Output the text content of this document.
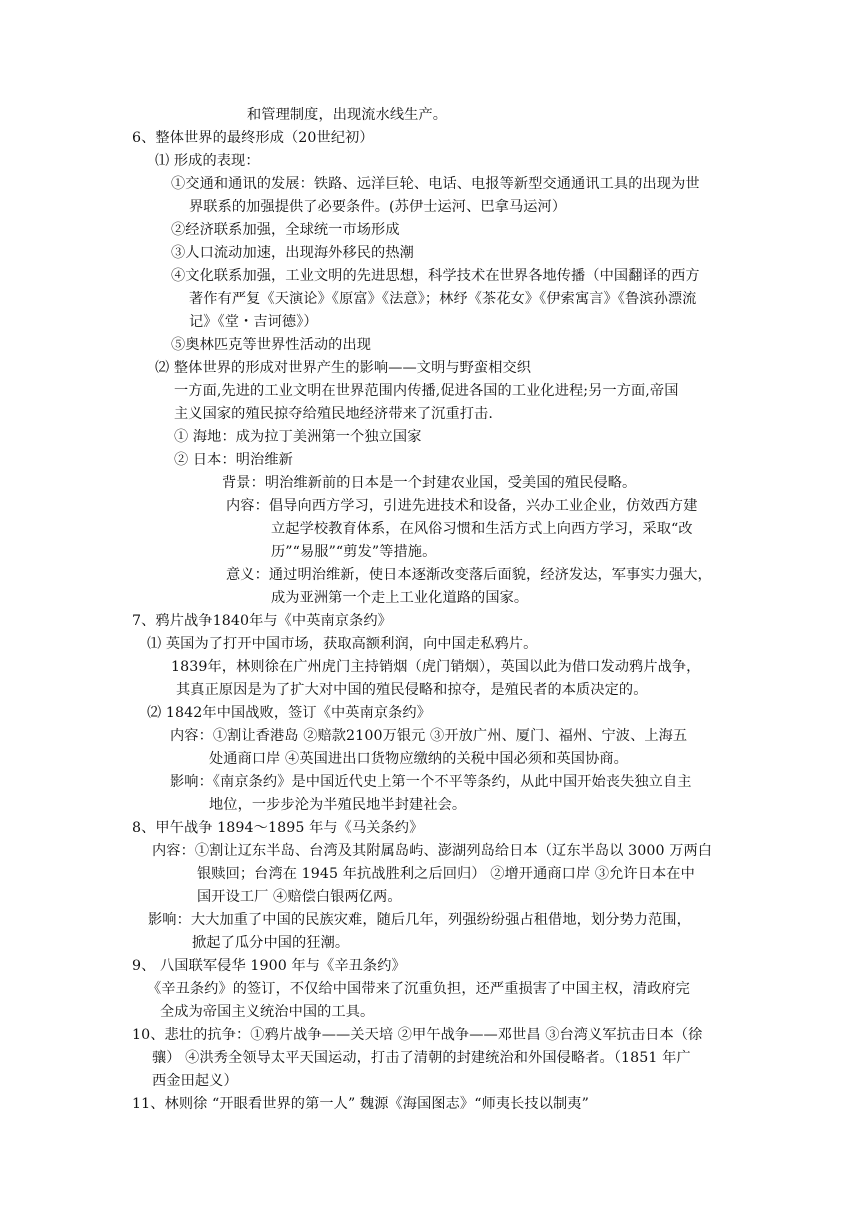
和管理制度，出现流水线生产。
6、整体世界的最终形成（20世纪初）
⑴ 形成的表现：
①交通和通讯的发展：铁路、远洋巨轮、电话、电报等新型交通通讯工具的出现为世
界联系的加强提供了必要条件。(苏伊士运河、巴拿马运河）
②经济联系加强，全球统一市场形成
③人口流动加速，出现海外移民的热潮
④文化联系加强，工业文明的先进思想，科学技术在世界各地传播（中国翻译的西方
著作有严复《天演论》《原富》《法意》；林纾《茶花女》《伊索寓言》《鲁滨孙漂流
记》《堂・吉诃德》）
⑤奥林匹克等世界性活动的出现
⑵ 整体世界的形成对世界产生的影响——文明与野蛮相交织
一方面,先进的工业文明在世界范围内传播,促进各国的工业化进程;另一方面,帝国
主义国家的殖民掠夺给殖民地经济带来了沉重打击.
① 海地：成为拉丁美洲第一个独立国家
② 日本：明治维新
背景：明治维新前的日本是一个封建农业国，受美国的殖民侵略。
内容：倡导向西方学习，引进先进技术和设备，兴办工业企业，仿效西方建
立起学校教育体系，在风俗习惯和生活方式上向西方学习，采取“改
历”“易服”“剪发”等措施。
意义：通过明治维新，使日本逐渐改变落后面貌，经济发达，军事实力强大，
成为亚洲第一个走上工业化道路的国家。
7、鸦片战争1840年与《中英南京条约》
⑴ 英国为了打开中国市场，获取高额利润，向中国走私鸦片。
1839年，林则徐在广州虎门主持销烟（虎门销烟），英国以此为借口发动鸦片战争，
其真正原因是为了扩大对中国的殖民侵略和掠夺，是殖民者的本质决定的。
⑵ 1842年中国战败，签订《中英南京条约》
内容：①割让香港岛 ②赔款2100万银元 ③开放广州、厦门、福州、宁波、上海五
处通商口岸 ④英国进出口货物应缴纳的关税中国必须和英国协商。
影响：《南京条约》是中国近代史上第一个不平等条约，从此中国开始丧失独立自主
地位，一步步沦为半殖民地半封建社会。
8、甲午战争 1894～1895 年与《马关条约》
内容：①割让辽东半岛、台湾及其附属岛屿、澎湖列岛给日本（辽东半岛以 3000 万两白
银赎回；台湾在 1945 年抗战胜利之后回归） ②增开通商口岸 ③允许日本在中
国开设工厂 ④赔偿白银两亿两。
影响：大大加重了中国的民族灾难，随后几年，列强纷纷强占租借地，划分势力范围，
掀起了瓜分中国的狂潮。
9、 八国联军侵华 1900 年与《辛丑条约》
《辛丑条约》的签订，不仅给中国带来了沉重负担，还严重损害了中国主权，清政府完
全成为帝国主义统治中国的工具。
10、悲壮的抗争：①鸦片战争——关天培 ②甲午战争——邓世昌 ③台湾义军抗击日本（徐
骧） ④洪秀全领导太平天国运动，打击了清朝的封建统治和外国侵略者。（1851 年广
西金田起义）
11、林则徐 “开眼看世界的第一人” 魏源《海国图志》“师夷长技以制夷”
